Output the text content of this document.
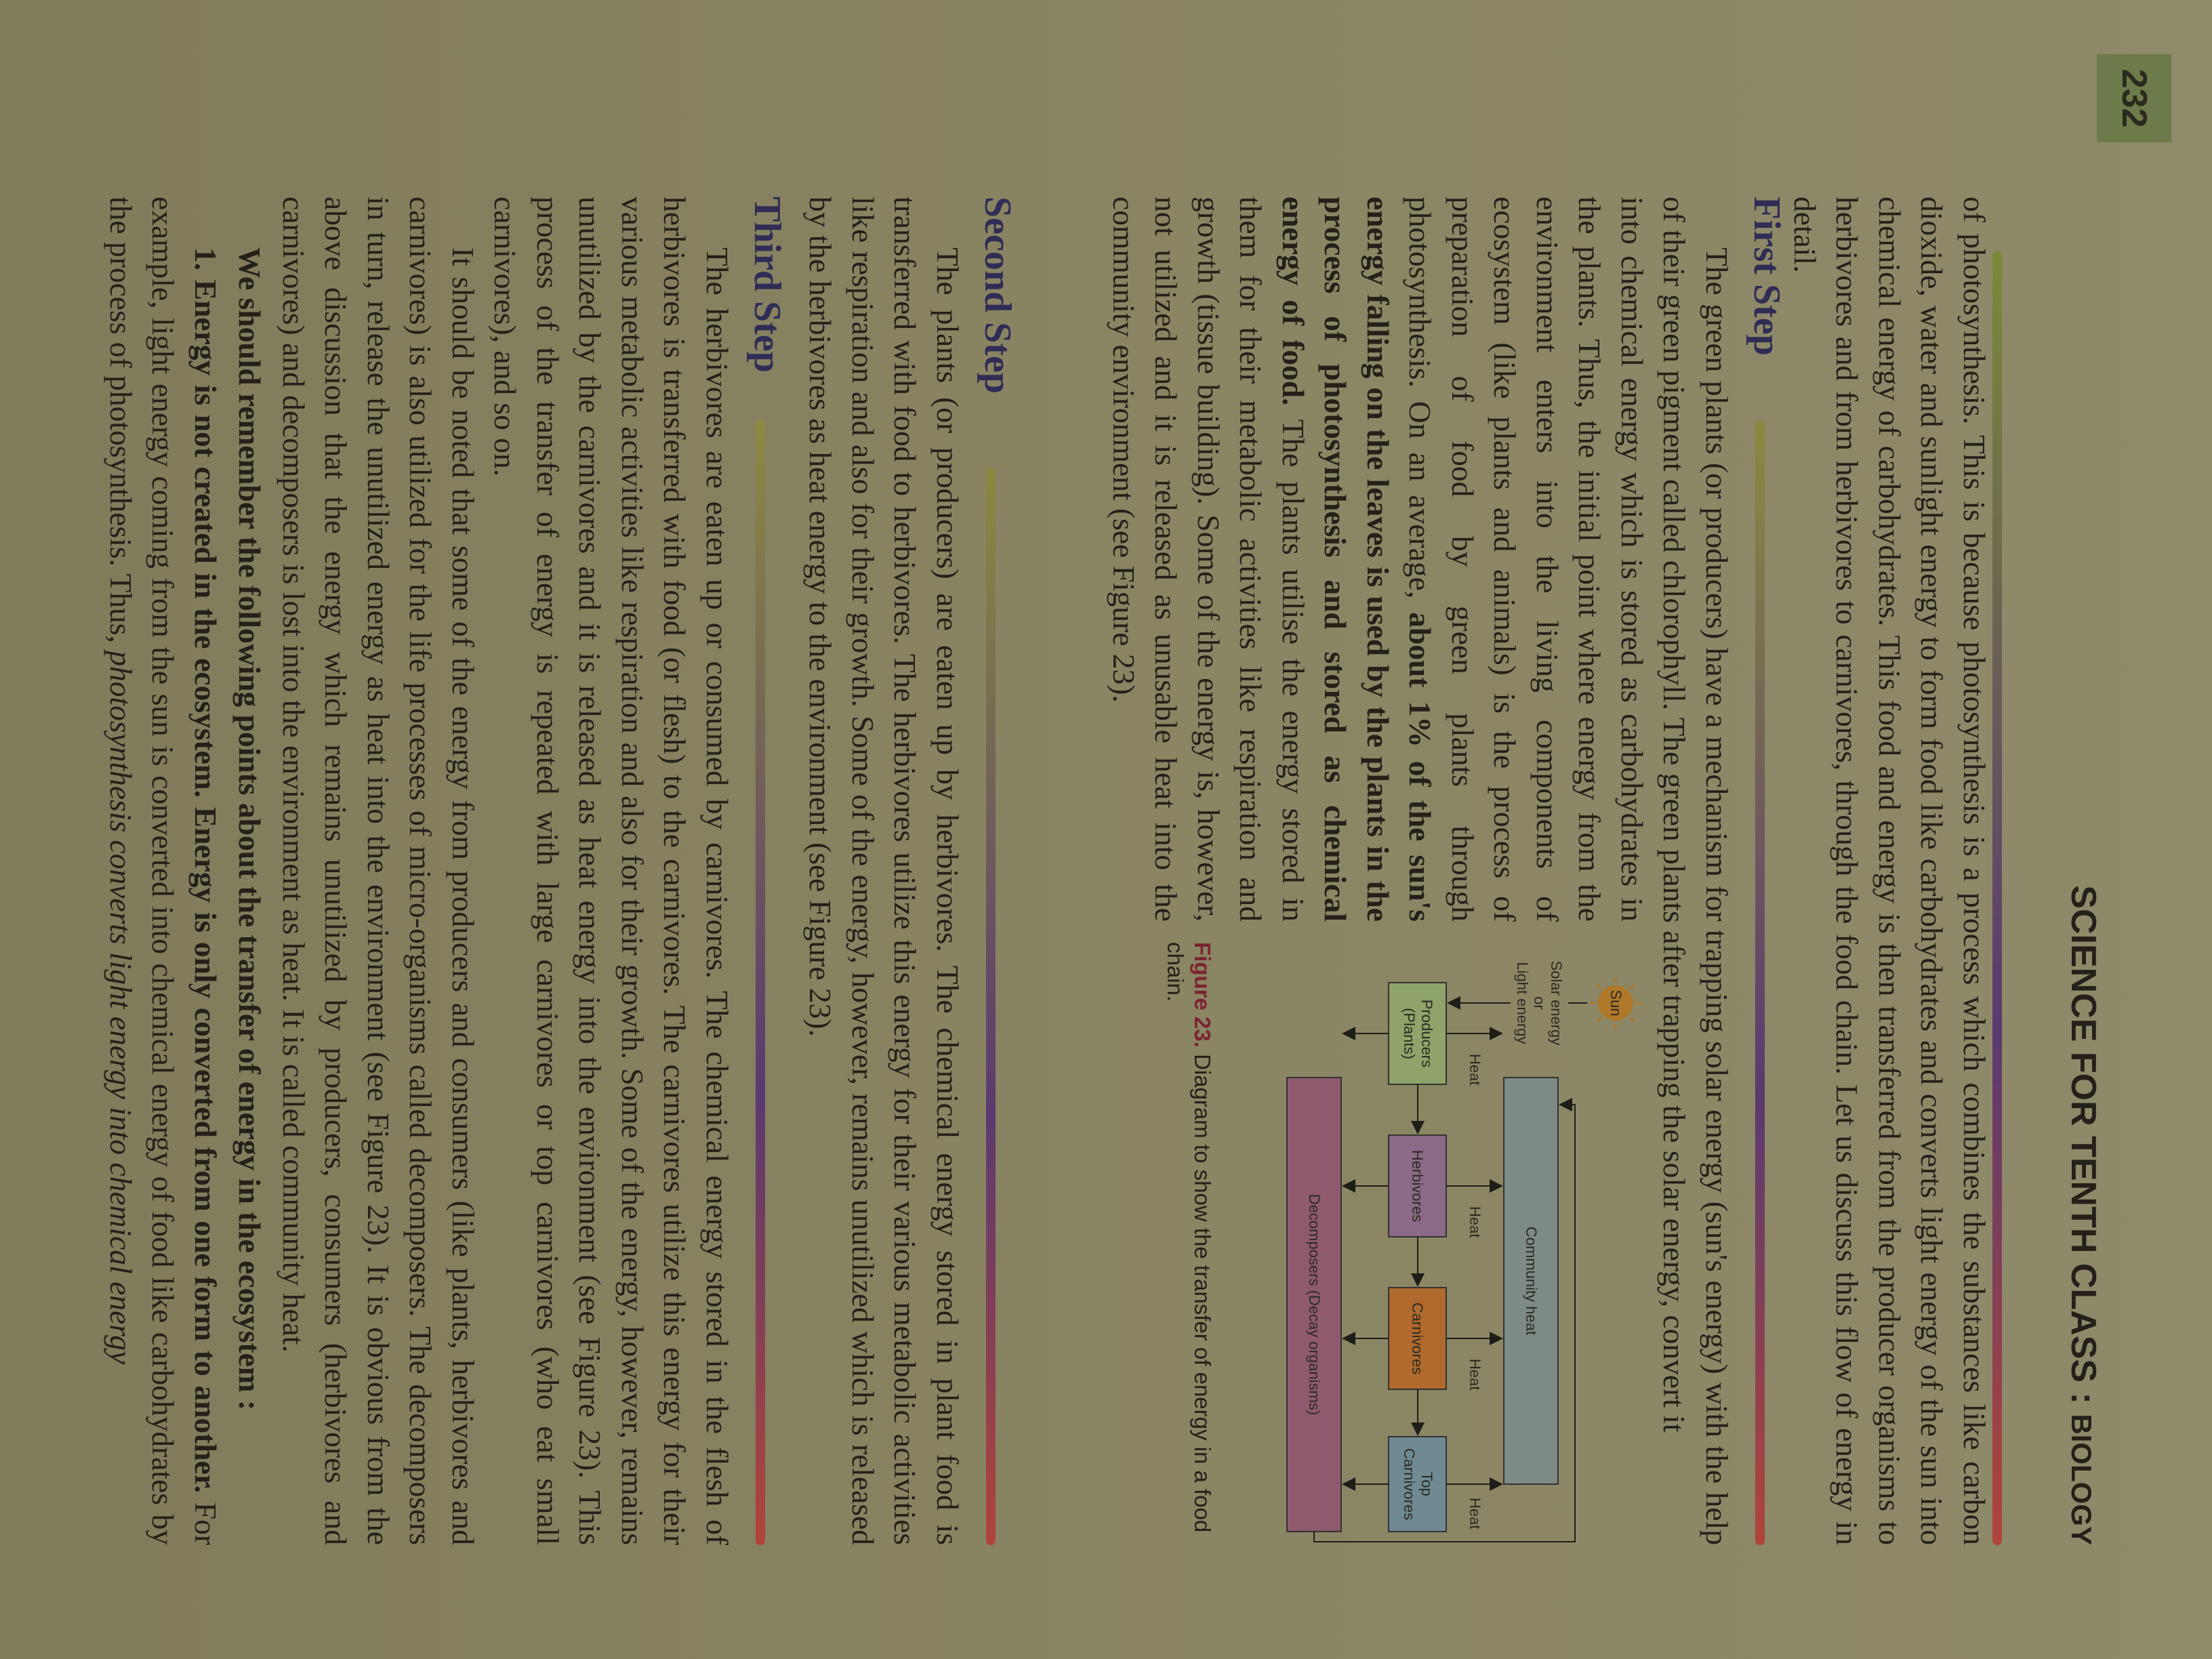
SCIENCE FOR TENTH CLASS : BIOLOGY

of photosynthesis. This is because photosynthesis is a process which combines the substances like carbon dioxide, water and sunlight energy to form food like carbohydrates and converts light energy of the sun into chemical energy of carbohydrates. This food and energy is then transferred from the producer organisms to herbivores and from herbivores to carnivores, through the food chain. Let us discuss this flow of energy in detail.

First Step

The green plants (or producers) have a mechanism for trapping solar energy (sun's energy) with the help of their green pigment called chlorophyll. The green plants after trapping the solar energy, convert it

into chemical energy which is stored as carbohydrates in the plants. Thus, the initial point where energy from the environment enters into the living components of ecosystem (like plants and animals) is the process of preparation of food by green plants through photosynthesis. On an average, about 1% of the sun's energy falling on the leaves is used by the plants in the process of photosynthesis and stored as chemical energy of food. The plants utilise the energy stored in them for their metabolic activities like respiration and growth (tissue building). Some of the energy is, however, not utilized and it is released as unusable heat into the community environment (see Figure 23).

Sun
Solar energy
or
Light energy
Community heat
Producers
(Plants)
Herbivores
Carnivores
Top
Carnivores
Decomposers (Decay organisms)
Heat
Heat
Heat
Heat
Figure 23. Diagram to show the transfer of energy in a food chain.
Second Step

The plants (or producers) are eaten up by herbivores. The chemical energy stored in plant food is transferred with food to herbivores. The herbivores utilize this energy for their various metabolic activities like respiration and also for their growth. Some of the energy, however, remains unutilized which is released by the herbivores as heat energy to the environment (see Figure 23).

Third Step

The herbivores are eaten up or consumed by carnivores. The chemical energy stored in the flesh of herbivores is transferred with food (or flesh) to the carnivores. The carnivores utilize this energy for their various metabolic activities like respiration and also for their growth. Some of the energy, however, remains unutilized by the carnivores and it is released as heat energy into the environment (see Figure 23). This process of the transfer of energy is repeated with large carnivores or top carnivores (who eat small carnivores), and so on.

It should be noted that some of the energy from producers and consumers (like plants, herbivores and carnivores) is also utilized for the life processes of micro-organisms called decomposers. The decomposers in turn, release the unutilized energy as heat into the environment (see Figure 23). It is obvious from the above discussion that the energy which remains unutilized by producers, consumers (herbivores and carnivores) and decomposers is lost into the environment as heat. It is called community heat.

We should remember the following points about the transfer of energy in the ecosystem :

1. Energy is not created in the ecosystem. Energy is only converted from one form to another. For example, light energy coming from the sun is converted into chemical energy of food like carbohydrates by the process of photosynthesis. Thus, photosynthesis converts light energy into chemical energy

232
